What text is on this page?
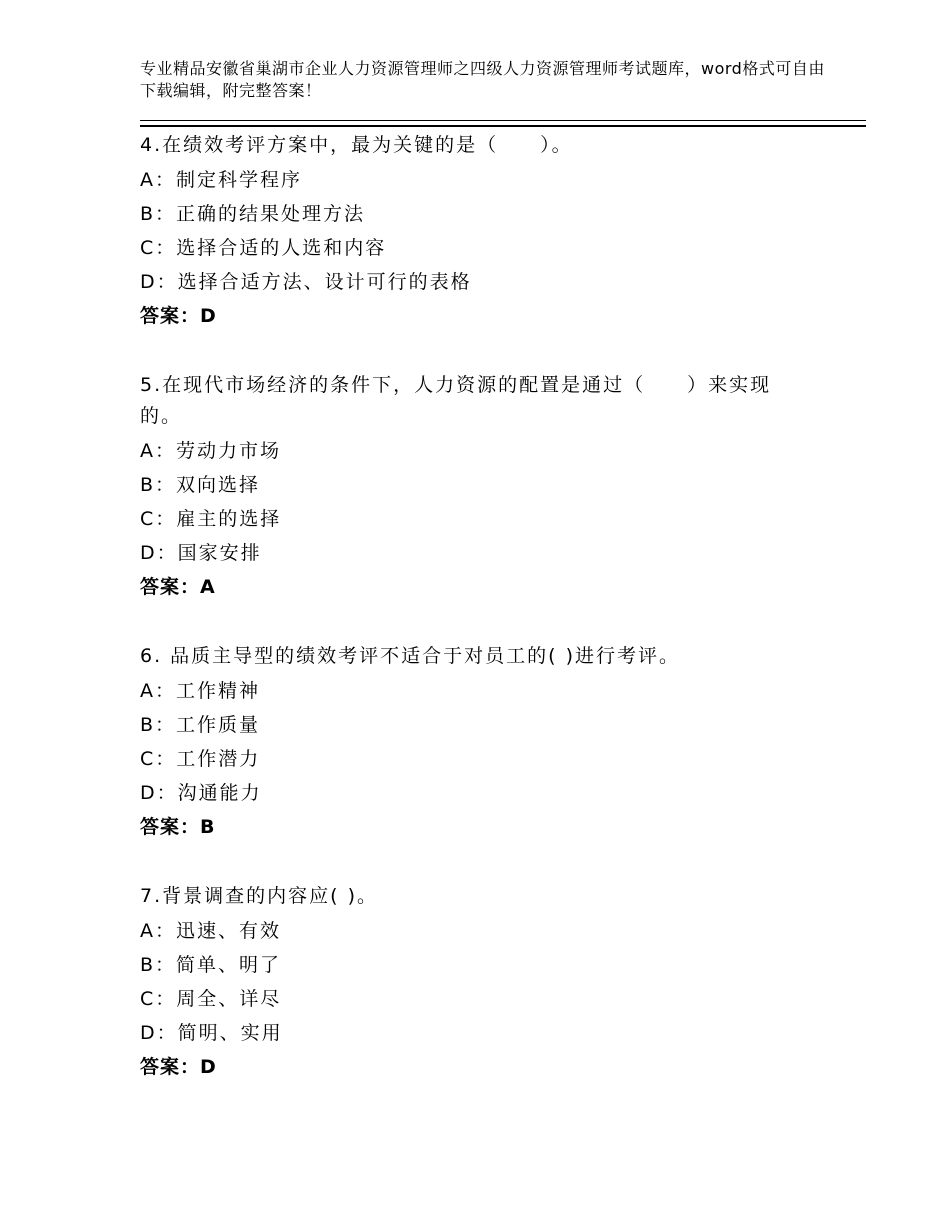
专业精品安徽省巢湖市企业人力资源管理师之四级人力资源管理师考试题库，word格式可自由下载编辑，附完整答案！
4.在绩效考评方案中，最为关键的是（　　）。
A：制定科学程序
B：正确的结果处理方法
C：选择合适的人选和内容
D：选择合适方法、设计可行的表格
答案：D
5.在现代市场经济的条件下，人力资源的配置是通过（　　）来实现的。
A：劳动力市场
B：双向选择
C：雇主的选择
D：国家安排
答案：A
6. 品质主导型的绩效考评不适合于对员工的( )进行考评。
A：工作精神
B：工作质量
C：工作潜力
D：沟通能力
答案：B
7.背景调查的内容应( )。
A：迅速、有效
B：简单、明了
C：周全、详尽
D：简明、实用
答案：D
